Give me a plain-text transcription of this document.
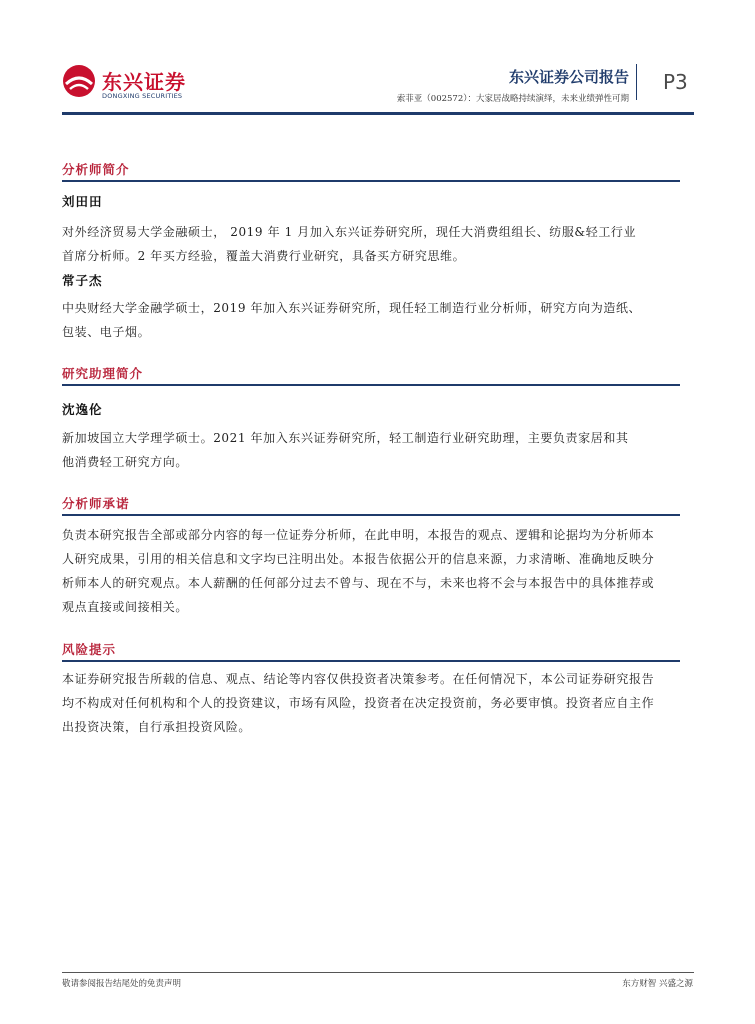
东兴证券
DONGXING SECURITIES
东兴证券公司报告
索菲亚（002572）：大家居战略持续演绎，未来业绩弹性可期
P3
分析师简介
刘田田

对外经济贸易大学金融硕士， 2019 年 1 月加入东兴证券研究所，现任大消费组组长、纺服&轻工行业
首席分析师。2 年买方经验，覆盖大消费行业研究，具备买方研究思维。

常子杰

中央财经大学金融学硕士，2019 年加入东兴证券研究所，现任轻工制造行业分析师，研究方向为造纸、
包装、电子烟。

研究助理简介
沈逸伦

新加坡国立大学理学硕士。2021 年加入东兴证券研究所，轻工制造行业研究助理，主要负责家居和其
他消费轻工研究方向。

分析师承诺

负责本研究报告全部或部分内容的每一位证券分析师，在此申明，本报告的观点、逻辑和论据均为分析师本
人研究成果，引用的相关信息和文字均已注明出处。本报告依据公开的信息来源，力求清晰、准确地反映分
析师本人的研究观点。本人薪酬的任何部分过去不曾与、现在不与，未来也将不会与本报告中的具体推荐或
观点直接或间接相关。

风险提示

本证券研究报告所载的信息、观点、结论等内容仅供投资者决策参考。在任何情况下，本公司证券研究报告
均不构成对任何机构和个人的投资建议，市场有风险，投资者在决定投资前，务必要审慎。投资者应自主作
出投资决策，自行承担投资风险。

敬请参阅报告结尾处的免责声明	东方财智 兴盛之源
